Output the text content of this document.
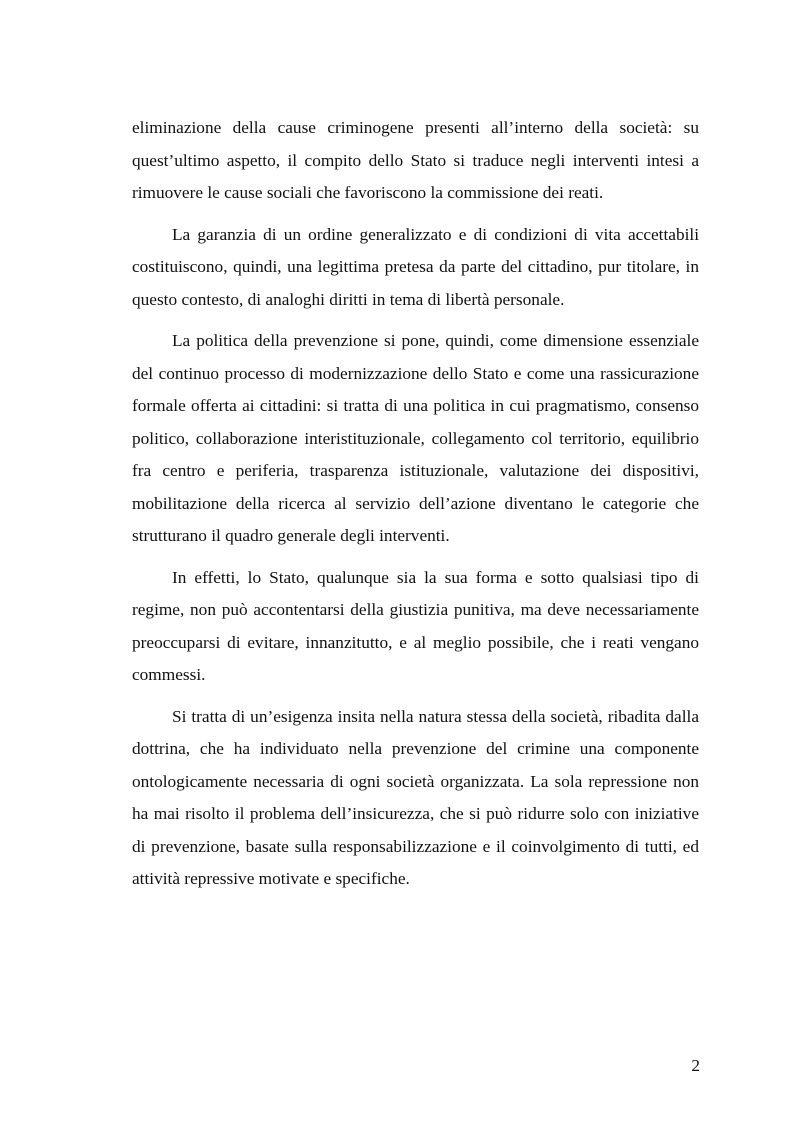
eliminazione della cause criminogene presenti all’interno della società: su quest’ultimo aspetto, il compito dello Stato si traduce negli interventi intesi a rimuovere le cause sociali che favoriscono la commissione dei reati.

La garanzia di un ordine generalizzato e di condizioni di vita accettabili costituiscono, quindi, una legittima pretesa da parte del cittadino, pur titolare, in questo contesto, di analoghi diritti in tema di libertà personale.

La politica della prevenzione si pone, quindi, come dimensione essenziale del continuo processo di modernizzazione dello Stato e come una rassicurazione formale offerta ai cittadini: si tratta di una politica in cui pragmatismo, consenso politico, collaborazione interistituzionale, collegamento col territorio, equilibrio fra centro e periferia, trasparenza istituzionale, valutazione dei dispositivi, mobilitazione della ricerca al servizio dell’azione diventano le categorie che strutturano il quadro generale degli interventi.

In effetti, lo Stato, qualunque sia la sua forma e sotto qualsiasi tipo di regime, non può accontentarsi della giustizia punitiva, ma deve necessariamente preoccuparsi di evitare, innanzitutto, e al meglio possibile, che i reati vengano commessi.

Si tratta di un’esigenza insita nella natura stessa della società, ribadita dalla dottrina, che ha individuato nella prevenzione del crimine una componente ontologicamente necessaria di ogni società organizzata. La sola repressione non ha mai risolto il problema dell’insicurezza, che si può ridurre solo con iniziative di prevenzione, basate sulla responsabilizzazione e il coinvolgimento di tutti, ed attività repressive motivate e specifiche.

2
